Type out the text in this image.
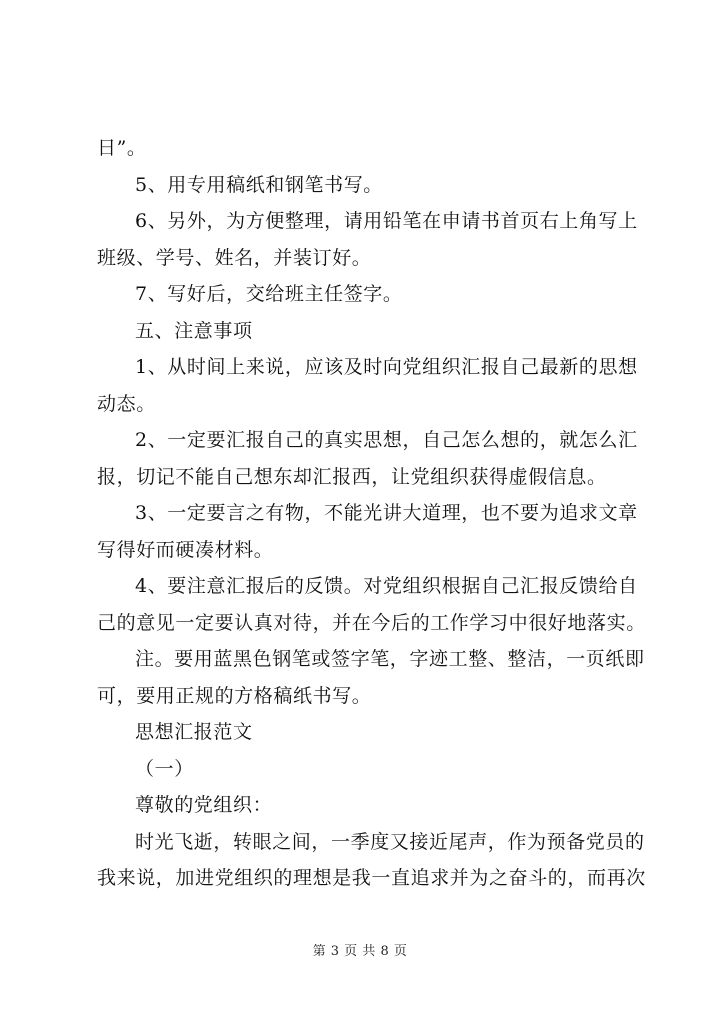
日”。
5、用专用稿纸和钢笔书写。
6、另外，为方便整理，请用铅笔在申请书首页右上角写上
班级、学号、姓名，并装订好。
7、写好后，交给班主任签字。
五、注意事项
1、从时间上来说，应该及时向党组织汇报自己最新的思想
动态。
2、一定要汇报自己的真实思想，自己怎么想的，就怎么汇
报，切记不能自己想东却汇报西，让党组织获得虚假信息。
3、一定要言之有物，不能光讲大道理，也不要为追求文章
写得好而硬凑材料。
4、要注意汇报后的反馈。对党组织根据自己汇报反馈给自
己的意见一定要认真对待，并在今后的工作学习中很好地落实。
注。要用蓝黑色钢笔或签字笔，字迹工整、整洁，一页纸即
可，要用正规的方格稿纸书写。
思想汇报范文
（一）
尊敬的党组织：
时光飞逝，转眼之间，一季度又接近尾声，作为预备党员的
我来说，加进党组织的理想是我一直追求并为之奋斗的，而再次
第 3 页 共 8 页
